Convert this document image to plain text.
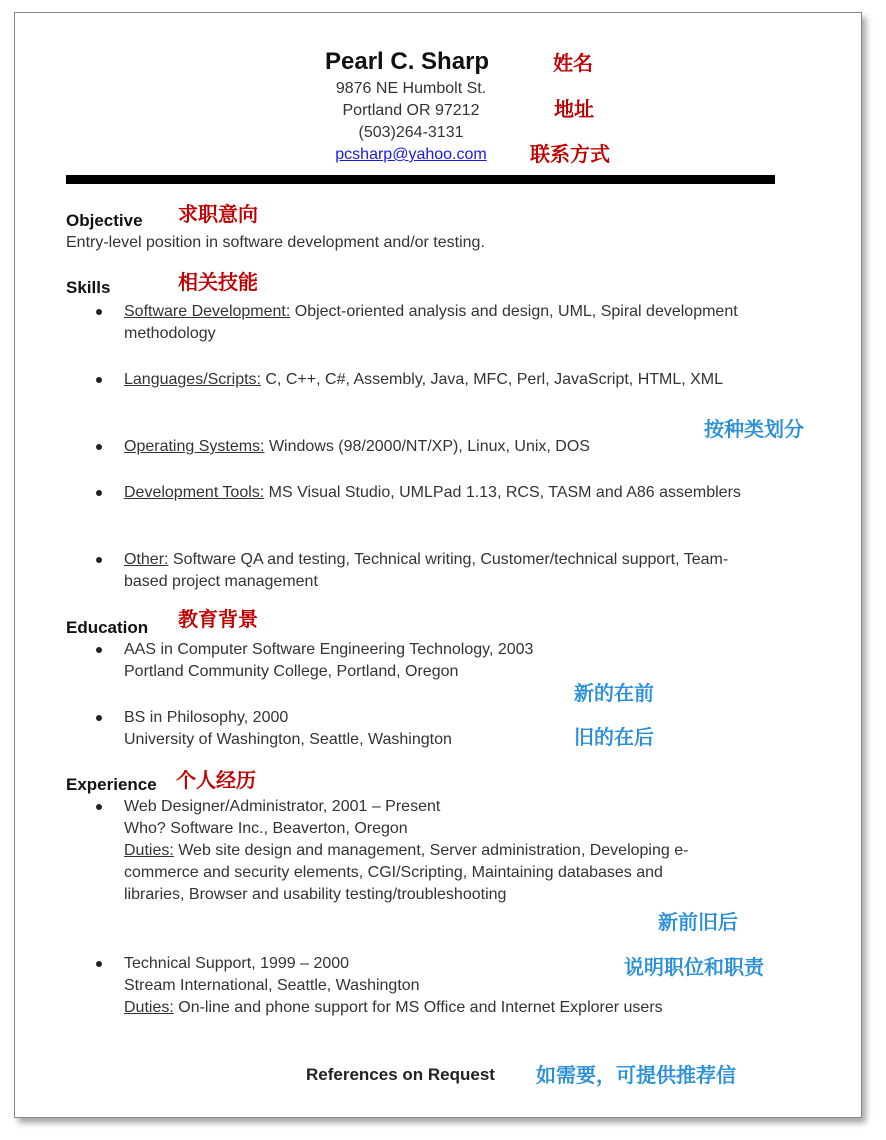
Pearl C. Sharp	姓名
9876 NE Humbolt St.
Portland OR 97212	地址
(503)264-3131
pcsharp@yahoo.com	联系方式
Objective 求职意向
Entry-level position in software development and/or testing.
Skills	相关技能
Software Development: Object-oriented analysis and design, UML, Spiral development methodology
Languages/Scripts: C, C++, C#, Assembly, Java, MFC, Perl, JavaScript, HTML, XML
按种类划分
Operating Systems: Windows (98/2000/NT/XP), Linux, Unix, DOS
Development Tools: MS Visual Studio, UMLPad 1.13, RCS, TASM and A86 assemblers
Other: Software QA and testing, Technical writing, Customer/technical support, Team-based project management
Education 教育背景
AAS in Computer Software Engineering Technology, 2003
Portland Community College, Portland, Oregon
新的在前
BS in Philosophy, 2000
University of Washington, Seattle, Washington	旧的在后
Experience 个人经历
Web Designer/Administrator, 2001 – Present
Who? Software Inc., Beaverton, Oregon
Duties: Web site design and management, Server administration, Developing e-commerce and security elements, CGI/Scripting, Maintaining databases and libraries, Browser and usability testing/troubleshooting
新前旧后
Technical Support, 1999 – 2000
Stream International, Seattle, Washington
Duties: On-line and phone support for MS Office and Internet Explorer users
说明职位和职责
References on Request 如需要，可提供推荐信
